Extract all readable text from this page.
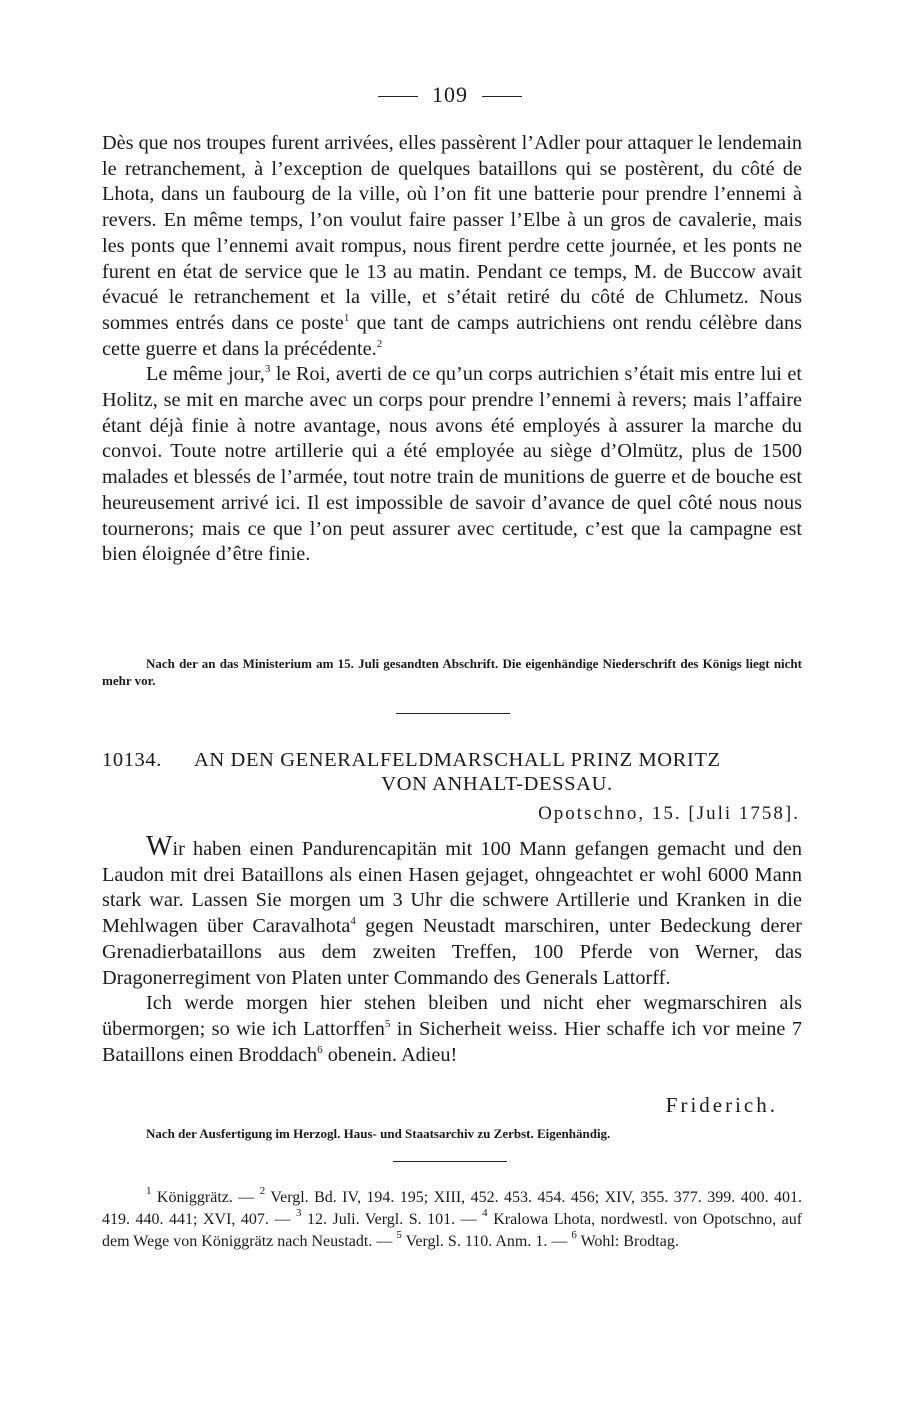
109

Dès que nos troupes furent arrivées, elles passèrent l’Adler pour attaquer le lendemain le retranchement, à l’exception de quelques bataillons qui se postèrent, du côté de Lhota, dans un faubourg de la ville, où l’on fit une batterie pour prendre l’ennemi à revers. En même temps, l’on voulut faire passer l’Elbe à un gros de cavalerie, mais les ponts que l’ennemi avait rompus, nous firent perdre cette journée, et les ponts ne furent en état de service que le 13 au matin. Pendant ce temps, M. de Buccow avait évacué le retranchement et la ville, et s’était retiré du côté de Chlumetz. Nous sommes entrés dans ce poste$^1$ que tant de camps autrichiens ont rendu célèbre dans cette guerre et dans la précédente.$^2$

Le même jour,$^3$ le Roi, averti de ce qu’un corps autrichien s’était mis entre lui et Holitz, se mit en marche avec un corps pour prendre l’ennemi à revers; mais l’affaire étant déjà finie à notre avantage, nous avons été employés à assurer la marche du convoi. Toute notre artillerie qui a été employée au siège d’Olmütz, plus de 1500 malades et blessés de l’armée, tout notre train de munitions de guerre et de bouche est heureusement arrivé ici. Il est impossible de savoir d’avance de quel côté nous nous tournerons; mais ce que l’on peut assurer avec certitude, c’est que la campagne est bien éloignée d’être finie.

Nach der an das Ministerium am 15. Juli gesandten Abschrift. Die eigenhändige Niederschrift des Königs liegt nicht mehr vor.
10134. AN DEN GENERALFELDMARSCHALL PRINZ MORITZ
VON ANHALT-DESSAU.
Opotschno, 15. [Juli 1758].

Wir haben einen Pandurencapitän mit 100 Mann gefangen gemacht und den Laudon mit drei Bataillons als einen Hasen gejaget, ohngeachtet er wohl 6000 Mann stark war. Lassen Sie morgen um 3 Uhr die schwere Artillerie und Kranken in die Mehlwagen über Caravalhota$^4$ gegen Neustadt marschiren, unter Bedeckung derer Grenadierbataillons aus dem zweiten Treffen, 100 Pferde von Werner, das Dragonerregiment von Platen unter Commando des Generals Lattorff.

Ich werde morgen hier stehen bleiben und nicht eher wegmarschiren als übermorgen; so wie ich Lattorffen$^5$ in Sicherheit weiss. Hier schaffe ich vor meine 7 Bataillons einen Broddach$^6$ obenein. Adieu!

Friderich.
Nach der Ausfertigung im Herzogl. Haus- und Staatsarchiv zu Zerbst. Eigenhändig.

$^1$ Königgrätz. — $^2$ Vergl. Bd. IV, 194. 195; XIII, 452. 453. 454. 456; XIV, 355. 377. 399. 400. 401. 419. 440. 441; XVI, 407. — $^3$ 12. Juli. Vergl. S. 101. — $^4$ Kralowa Lhota, nordwestl. von Opotschno, auf dem Wege von Königgrätz nach Neustadt. — $^5$ Vergl. S. 110. Anm. 1. — $^6$ Wohl: Brodtag.
